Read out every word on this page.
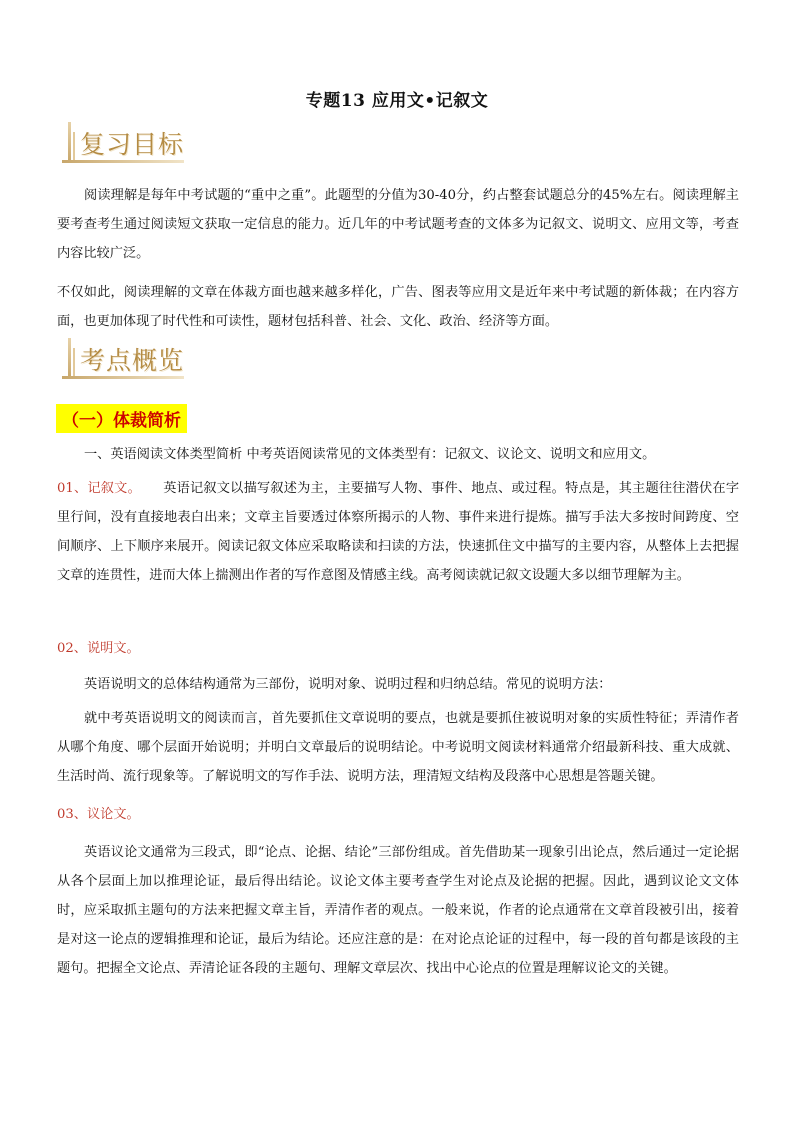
专题13 应用文•记叙文
复习目标

阅读理解是每年中考试题的“重中之重”。此题型的分值为30-40分，约占整套试题总分的45%左右。阅读理解主要考查考生通过阅读短文获取一定信息的能力。近几年的中考试题考查的文体多为记叙文、说明文、应用文等，考查内容比较广泛。

不仅如此，阅读理解的文章在体裁方面也越来越多样化，广告、图表等应用文是近年来中考试题的新体裁；在内容方面，也更加体现了时代性和可读性，题材包括科普、社会、文化、政治、经济等方面。

考点概览
（一）体裁简析

一、英语阅读文体类型简析 中考英语阅读常见的文体类型有：记叙文、议论文、说明文和应用文。

01、记叙文。 英语记叙文以描写叙述为主，主要描写人物、事件、地点、或过程。特点是，其主题往往潜伏在字里行间，没有直接地表白出来；文章主旨要透过体察所揭示的人物、事件来进行提炼。描写手法大多按时间跨度、空间顺序、上下顺序来展开。阅读记叙文体应采取略读和扫读的方法，快速抓住文中描写的主要内容，从整体上去把握文章的连贯性，进而大体上揣测出作者的写作意图及情感主线。高考阅读就记叙文设题大多以细节理解为主。

02、说明文。

英语说明文的总体结构通常为三部份，说明对象、说明过程和归纳总结。常见的说明方法：

就中考英语说明文的阅读而言，首先要抓住文章说明的要点，也就是要抓住被说明对象的实质性特征；弄清作者从哪个角度、哪个层面开始说明；并明白文章最后的说明结论。中考说明文阅读材料通常介绍最新科技、重大成就、生活时尚、流行现象等。了解说明文的写作手法、说明方法，理清短文结构及段落中心思想是答题关键。

03、议论文。

英语议论文通常为三段式，即“论点、论据、结论”三部份组成。首先借助某一现象引出论点，然后通过一定论据从各个层面上加以推理论证，最后得出结论。议论文体主要考查学生对论点及论据的把握。因此，遇到议论文文体时，应采取抓主题句的方法来把握文章主旨，弄清作者的观点。一般来说，作者的论点通常在文章首段被引出，接着是对这一论点的逻辑推理和论证，最后为结论。还应注意的是：在对论点论证的过程中，每一段的首句都是该段的主题句。把握全文论点、弄清论证各段的主题句、理解文章层次、找出中心论点的位置是理解议论文的关键。
